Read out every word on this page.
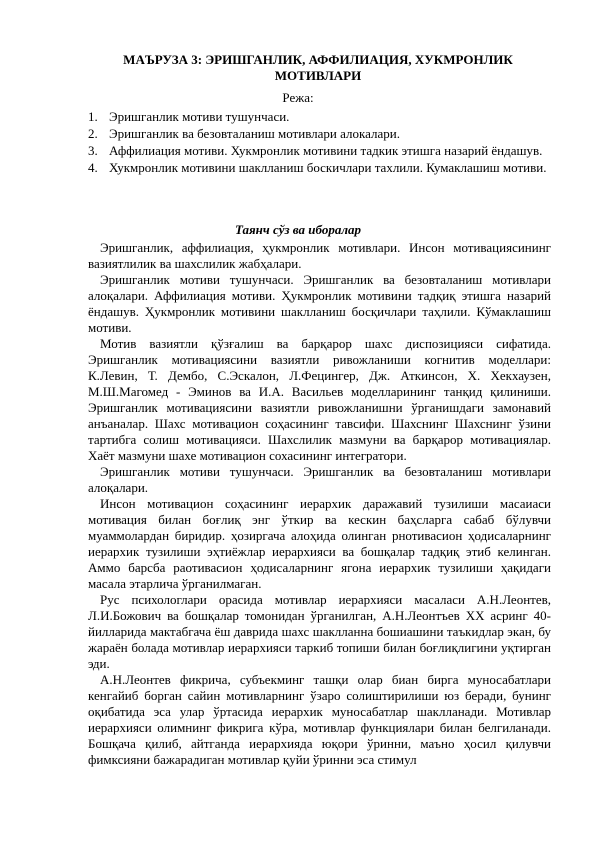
МАЪРУЗА 3: ЭРИШГАНЛИК, АФФИЛИАЦИЯ, ХУКМРОНЛИК МОТИВЛАРИ
Режа:
1. Эришганлик мотиви тушунчаси.
2. Эришганлик ва безовталаниш мотивлари алокалари.
3. Аффилиация мотиви. Хукмронлик мотивини тадкик этишга назарий ёндашув.
4. Хукмронлик мотивини шаклланиш боскичлари тахлили. Кумаклашиш мотиви.
Таянч сўз ва иборалар

Эришганлик, аффилиация, ҳукмронлик мотивлари. Инсон мотивациясининг вазиятлилик ва шахслилик жабҳалари.

Эришганлик мотиви тушунчаси. Эришганлик ва безовталаниш мотивлари алоқалари. Аффилиация мотиви. Ҳукмронлик мотивини тадқиқ этишга назарий ёндашув. Ҳукмронлик мотивини шаклланиш босқичлари таҳлили. Кўмаклашиш мотиви.

Мотив вазиятли қўзғалиш ва барқарор шахс диспозицияси сифатида. Эришганлик мотивациясини вазиятли ривожланиши когнитив моделлари: К.Левин, Т. Дембо, С.Эскалон, Л.Фецингер, Дж. Аткинсон, Х. Хекхаузен, М.Ш.Магомед - Эминов ва И.А. Васильев моделларининг танқид қилиниши. Эришганлик мотивациясини вазиятли ривожланишни ўрганишдаги замонавий анъаналар. Шахс мотивацион соҳасининг тавсифи. Шахснинг Шахснинг ўзини тартибга солиш мотивацияси. Шахслилик мазмуни ва барқарор мотивациялар. Хаёт мазмуни шахе мотивацион сохасининг интегратори.

Эришганлик мотиви тушунчаси. Эришганлик ва безовталаниш мотивлари алоқалари.

Инсон мотивацион соҳасининг иерархик даражавий тузилиши масаиаси мотивация билан боғлиқ энг ўткир ва кескин баҳсларга сабаб бўлувчи муаммолардан биридир. ҳозиргача алоҳида олинган рнотивасион ҳодисаларнинг иерархик тузилиши эҳтиёжлар иерархияси ва бошқалар тадқиқ этиб келинган. Аммо барсба раотивасион ҳодисаларнинг ягона иерархик тузилиши ҳақидаги масала этарлича ўрганилмаган.

Рус психологлари орасида мотивлар иерархияси масаласи А.Н.Леонтев, Л.И.Божович ва бошқалар томонидан ўрганилган, А.Н.Леонтъев XX асринг 40-йилларида мактабгача ёш даврида шахс шаклланна бошиашини таъкидлар экан, бу жараён болада мотивлар иерархияси таркиб топиши билан боғлиқлигини уқтирган эди.

А.Н.Леонтев фикрича, субъекминг ташқи олар биан бирга муносабатлари кенгайиб борган сайин мотивларнинг ўзаро солиштирилиши юз беради, бунинг оқибатида эса улар ўртасида иерархик муносабатлар шаклланади. Мотивлар иерархияси олимнинг фикрига кўра, мотивлар функциялари билан белгиланади. Бошқача қилиб, айтганда иерархияда юқори ўринни, маъно ҳосил қилувчи фимксияни бажарадиган мотивлар қуйи ўринни эса стимул
